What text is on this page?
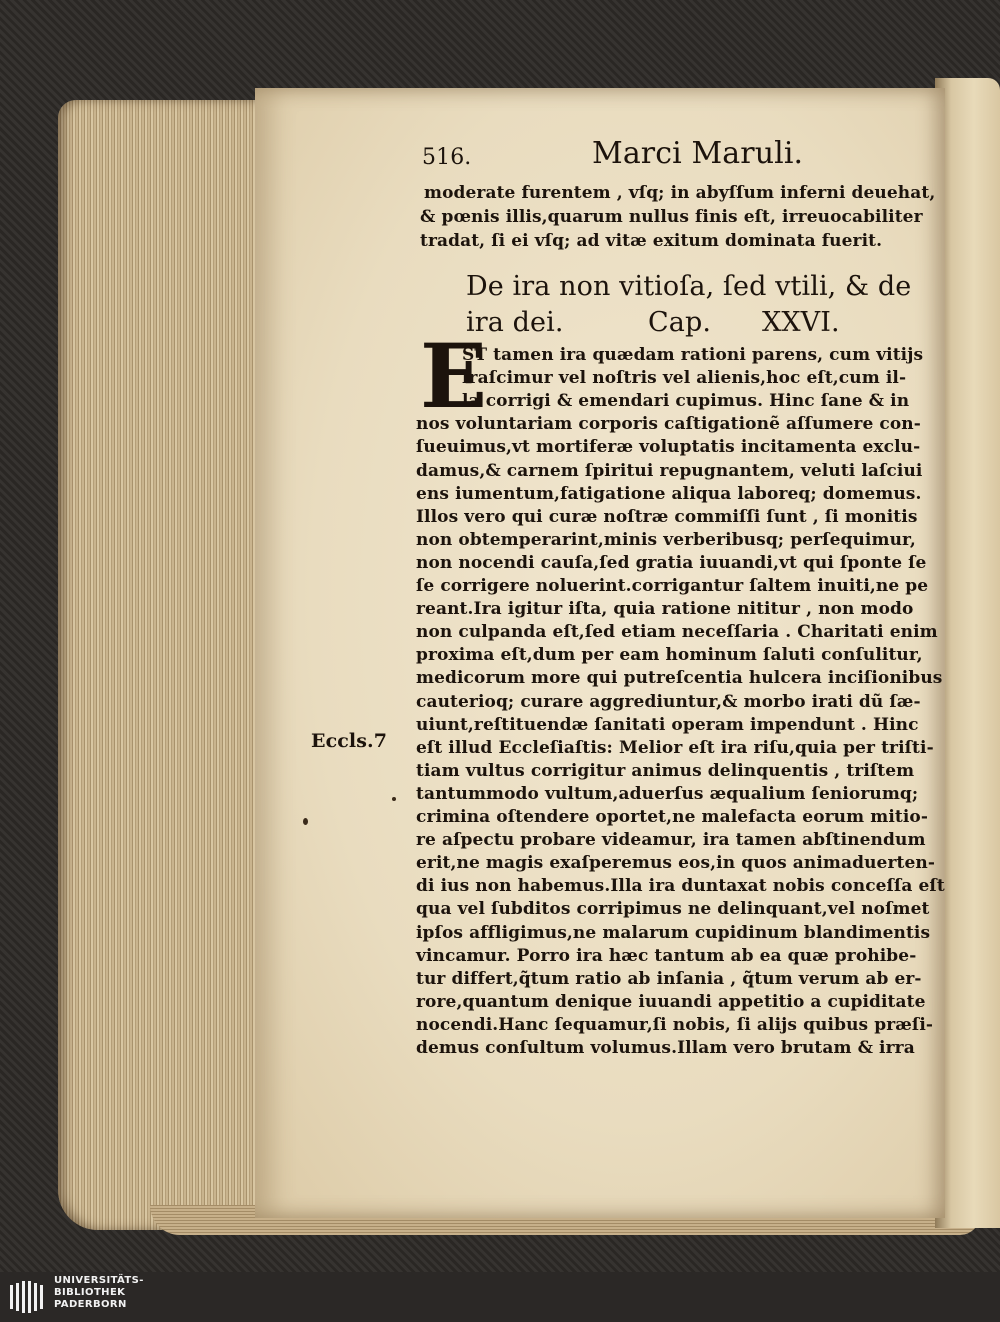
516.	Marci Maruli.
moderate furentem , vſq; in abyſſum inferni deuehat,
& pœnis illis,quarum nullus finis eſt, irreuocabiliter
tradat, ſi ei vſq; ad vitæ exitum dominata fuerit.
De ira non vitioſa, ſed vtili, & de
ira dei.	Cap. XXVI.
E
ST tamen ira quædam rationi parens, cum vitijs
iraſcimur vel noſtris vel alienis,hoc eſt,cum il-
la corrigi & emendari cupimus. Hinc ſane & in
nos voluntariam corporis caſtigationẽ aſſumere con-
ſueuimus,vt mortiferæ voluptatis incitamenta exclu-
damus,& carnem ſpiritui repugnantem, veluti laſciui
ens iumentum,fatigatione aliqua laboreq; domemus.
Illos vero qui curæ noſtræ commiſſi ſunt , ſi monitis
non obtemperarint,minis verberibusq; perſequimur,
non nocendi cauſa,ſed gratia iuuandi,vt qui ſponte ſe
ſe corrigere noluerint.corrigantur ſaltem inuiti,ne pe
reant.Ira igitur iſta, quia ratione nititur , non modo
non culpanda eſt,ſed etiam neceſſaria . Charitati enim
proxima eſt,dum per eam hominum ſaluti conſulitur,
medicorum more qui putreſcentia hulcera inciſionibus
cauterioq; curare aggrediuntur,& morbo irati dũ ſæ-
uiunt,reſtituendæ ſanitati operam impendunt . Hinc
eſt illud Eccleſiaſtis: Melior eſt ira riſu,quia per triſti-
tiam vultus corrigitur animus delinquentis , triſtem
tantummodo vultum,aduerſus æqualium ſeniorumq;
crimina oſtendere oportet,ne malefacta eorum mitio-
re aſpectu probare videamur, ira tamen abſtinendum
erit,ne magis exaſperemus eos,in quos animaduerten-
di ius non habemus.Illa ira duntaxat nobis conceſſa eſt
qua vel ſubditos corripimus ne delinquant,vel noſmet
ipſos affligimus,ne malarum cupidinum blandimentis
vincamur. Porro ira hæc tantum ab ea quæ prohibe-
tur differt,q̃tum ratio ab inſania , q̃tum verum ab er-
rore,quantum denique iuuandi appetitio a cupiditate
nocendi.Hanc ſequamur,ſi nobis, ſi alijs quibus præſi-
demus conſultum volumus.Illam vero brutam & irra
Eccls.7
UNIVERSITÄTS-
BIBLIOTHEK
PADERBORN
